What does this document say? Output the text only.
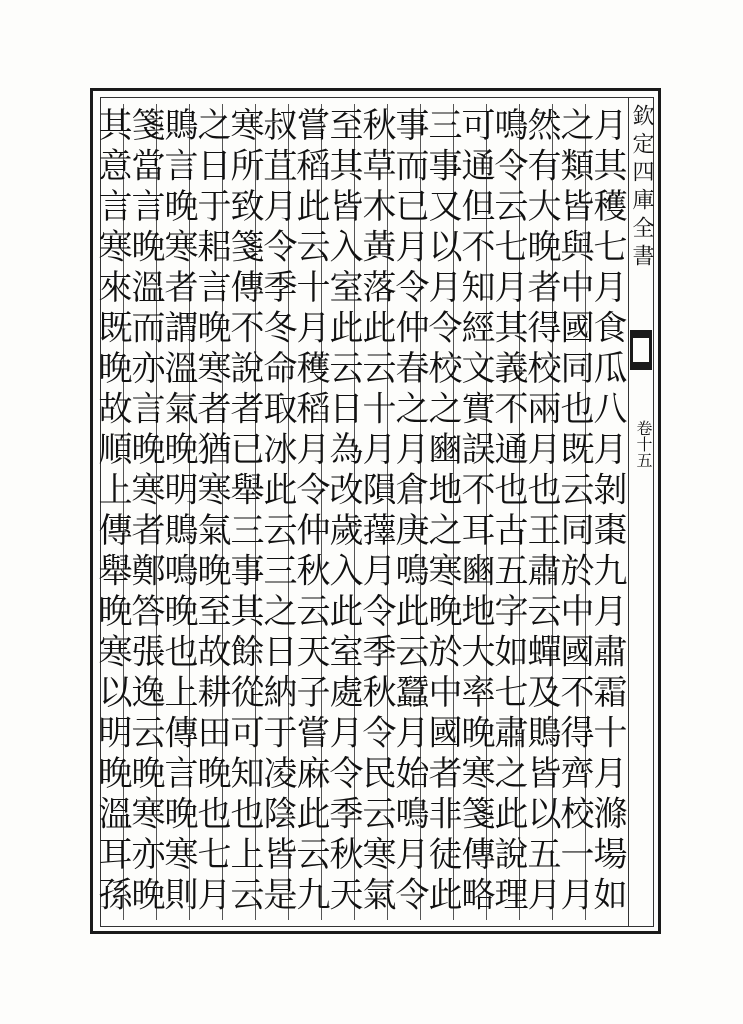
欽定四庫全書
卷十五
月其穫七月食瓜八月剝棗九月肅霜十月滌場如
之類皆與中國同也既云同於中國不得齊校一月
然有大晚者得校兩月也王肅云蟬及鵙皆以五月
鳴令云七月其義不通也古五字如七肅之此說理
可通但不知經文實誤不耳豳地大率晚寒箋傳略
三事又以月令校之豳地之寒晚於中國者非徒此
事而已月令仲春之月倉庚鳴此云蠶月始鳴月令
秋草木黃落此云十月隕蘀月令季秋令民云寒氣
至其皆入室此云日為改歲入此室處月令季秋天
嘗稻此云十月穫稻月令仲秋云天子嘗麻此云九
叔苴月令季冬命取冰此云三之日納于凌陰皆是
寒所致箋傳不說者已舉三事其餘從可知也上云
之日于耜言晚寒者猶寒氣晚至故耕田晚也七月
鵙言晚寒者謂溫氣晚明鵙鳴晚也上傳言晚寒則
箋當言晚溫而亦言晚寒者鄭答張逸云晚寒亦晚
其意言寒來既晚故順上傳舉晚寒以明晚溫耳孫
